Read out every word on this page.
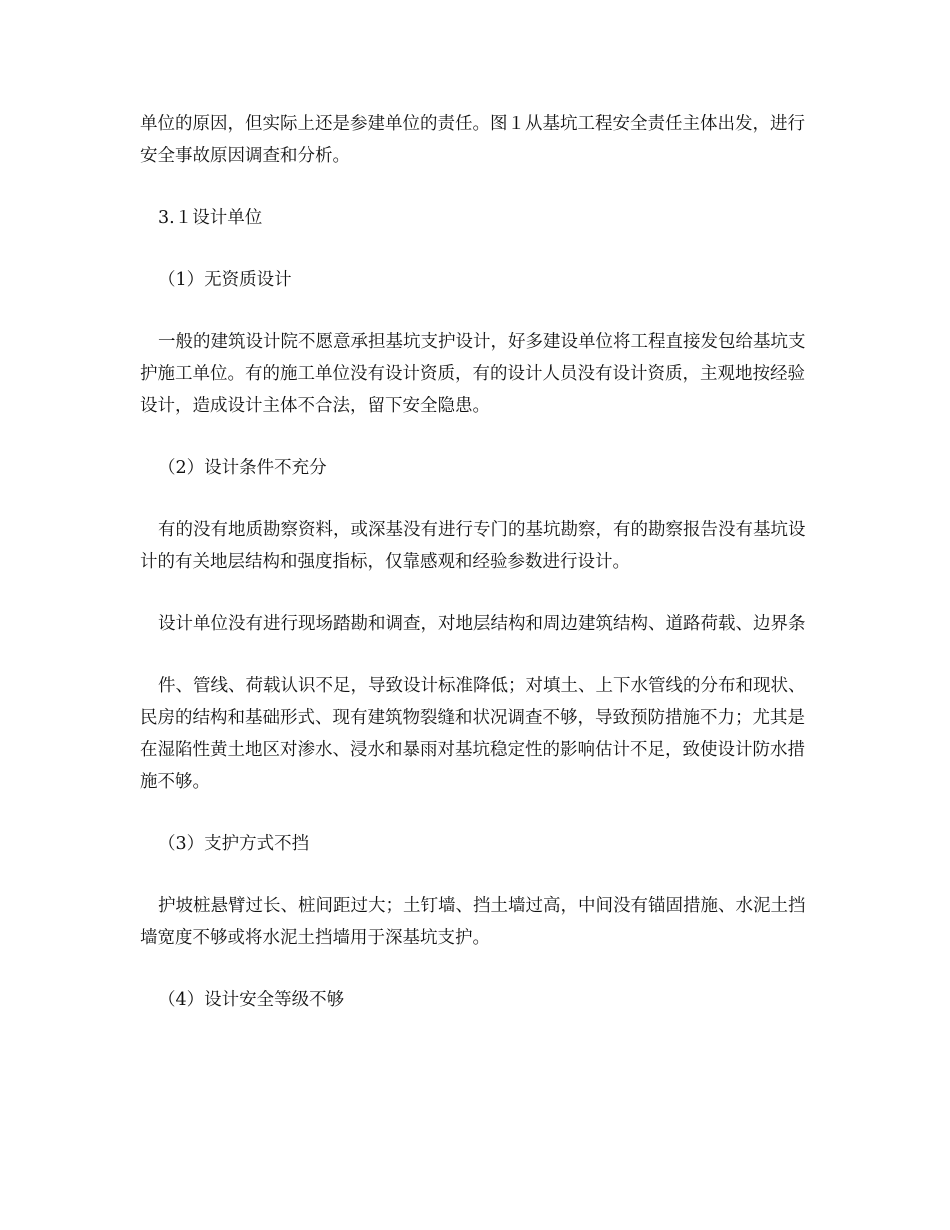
单位的原因，但实际上还是参建单位的责任。图１从基坑工程安全责任主体出发，进行安全事故原因调查和分析。

3.１设计单位

（1）无资质设计

一般的建筑设计院不愿意承担基坑支护设计，好多建设单位将工程直接发包给基坑支护施工单位。有的施工单位没有设计资质，有的设计人员没有设计资质，主观地按经验设计，造成设计主体不合法，留下安全隐患。

（2）设计条件不充分

有的没有地质勘察资料，或深基没有进行专门的基坑勘察，有的勘察报告没有基坑设计的有关地层结构和强度指标，仅靠感观和经验参数进行设计。

设计单位没有进行现场踏勘和调查，对地层结构和周边建筑结构、道路荷载、边界条

件、管线、荷载认识不足，导致设计标准降低；对填土、上下水管线的分布和现状、民房的结构和基础形式、现有建筑物裂缝和状况调查不够，导致预防措施不力；尤其是在湿陷性黄土地区对渗水、浸水和暴雨对基坑稳定性的影响估计不足，致使设计防水措施不够。

（3）支护方式不挡

护坡桩悬臂过长、桩间距过大；土钉墙、挡土墙过高，中间没有锚固措施、水泥土挡墙宽度不够或将水泥土挡墙用于深基坑支护。

（4）设计安全等级不够
